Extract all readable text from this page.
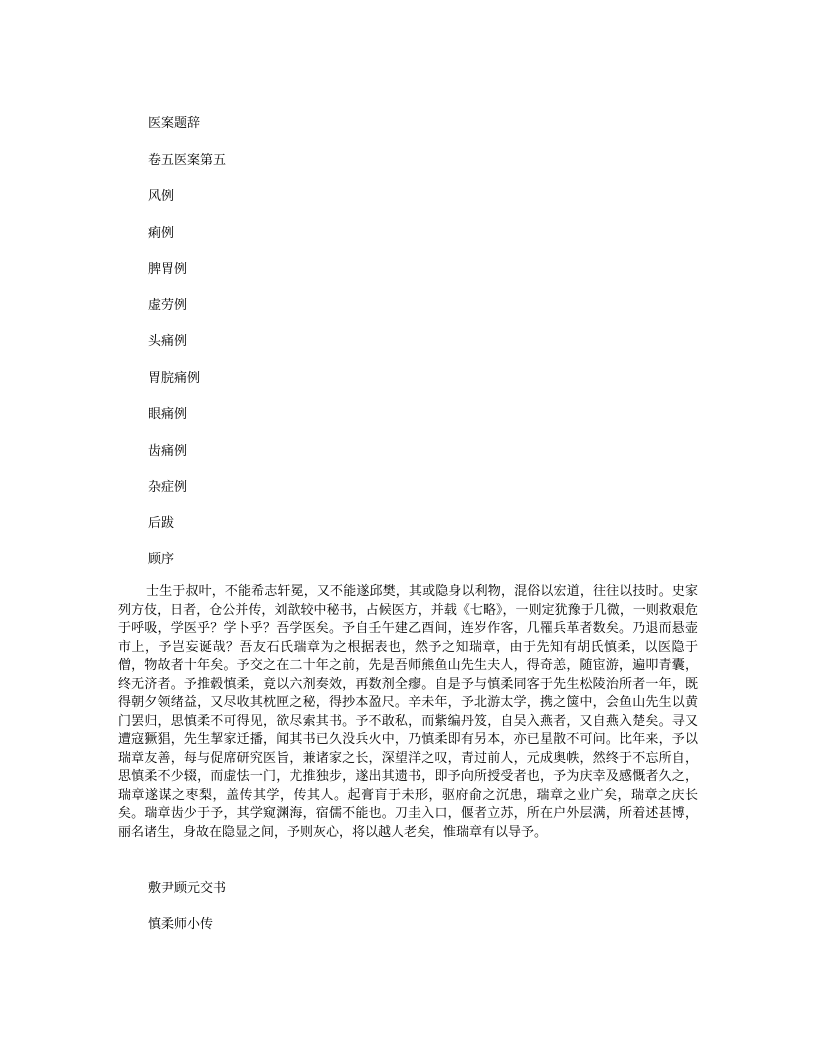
医案题辞
卷五医案第五
风例
痢例
脾胃例
虚劳例
头痛例
胃脘痛例
眼痛例
齿痛例
杂症例
后跋
顾序

士生于叔叶，不能希志轩冕，又不能遂邱樊，其或隐身以利物，混俗以宏道，往往以技时。史家列方伎，日者，仓公并传，刘歆较中秘书，占候医方，并载《七略》，一则定犹豫于几微，一则救艰危于呼吸，学医乎？学卜乎？吾学医矣。予自壬午建乙酉间，连岁作客，几罹兵革者数矣。乃退而悬壶市上，予岂妄诞哉？吾友石氏瑞章为之根据表也，然予之知瑞章，由于先知有胡氏慎柔，以医隐于僧，物故者十年矣。予交之在二十年之前，先是吾师熊鱼山先生夫人，得奇恙，随宦游，遍叩青囊，终无济者。予推毂慎柔，竟以六剂奏效，再数剂全瘳。自是予与慎柔同客于先生松陵治所者一年，既得朝夕领绪益，又尽收其枕匣之秘，得抄本盈尺。辛未年，予北游太学，携之箧中，会鱼山先生以黄门罢归，思慎柔不可得见，欲尽索其书。予不敢私，而紫编丹笈，自吴入燕者，又自燕入楚矣。寻又遭寇獗猖，先生挈家迁播，闻其书已久没兵火中，乃慎柔即有另本，亦已星散不可问。比年来，予以瑞章友善，每与促席研究医旨，兼诸家之长，深望洋之叹，青过前人，元成奥帙，然终于不忘所自，思慎柔不少辍，而虚怯一门，尤推独步，遂出其遗书，即予向所授受者也，予为庆幸及感慨者久之，瑞章遂谋之枣梨，盖传其学，传其人。起膏肓于未形，驱府俞之沉患，瑞章之业广矣，瑞章之庆长矣。瑞章齿少于予，其学窥渊海，宿儒不能也。刀圭入口，偃者立苏，所在户外层满，所着述甚博，丽名诸生，身故在隐显之间，予则灰心，将以越人老矣，惟瑞章有以导予。

敷尹顾元交书
慎柔师小传
